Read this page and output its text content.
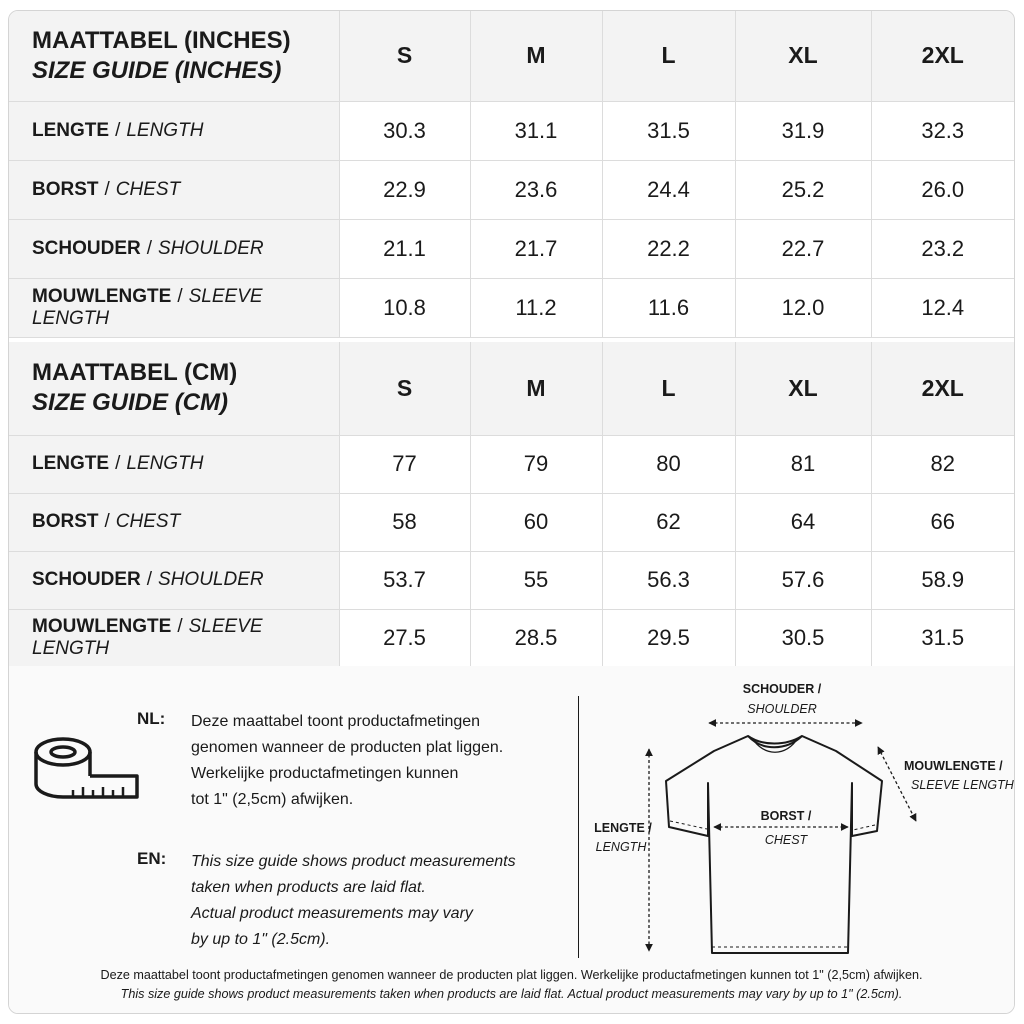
MAATTABEL (INCHES)
SIZE GUIDE (INCHES)	S	M	L	XL	2XL
LENGTE / LENGTH	30.3	31.1	31.5	31.9	32.3
BORST / CHEST	22.9	23.6	24.4	25.2	26.0
SCHOUDER / SHOULDER	21.1	21.7	22.2	22.7	23.2
MOUWLENGTE / SLEEVE LENGTH	10.8	11.2	11.6	12.0	12.4
MAATTABEL (CM)
SIZE GUIDE (CM)	S	M	L	XL	2XL
LENGTE / LENGTH	77	79	80	81	82
BORST / CHEST	58	60	62	64	66
SCHOUDER / SHOULDER	53.7	55	56.3	57.6	58.9
MOUWLENGTE / SLEEVE LENGTH	27.5	28.5	29.5	30.5	31.5
NL: Deze maattabel toont productafmetingen
genomen wanneer de producten plat liggen.
Werkelijke productafmetingen kunnen
tot 1" (2,5cm) afwijken.
EN: This size guide shows product measurements
taken when products are laid flat.
Actual product measurements may vary
by up to 1" (2.5cm).
SCHOUDER /
SHOULDER
MOUWLENGTE /
SLEEVE LENGTH
LENGTE /
LENGTH
BORST /
CHEST
Deze maattabel toont productafmetingen genomen wanneer de producten plat liggen. Werkelijke productafmetingen kunnen tot 1" (2,5cm) afwijken.
This size guide shows product measurements taken when products are laid flat. Actual product measurements may vary by up to 1" (2.5cm).
